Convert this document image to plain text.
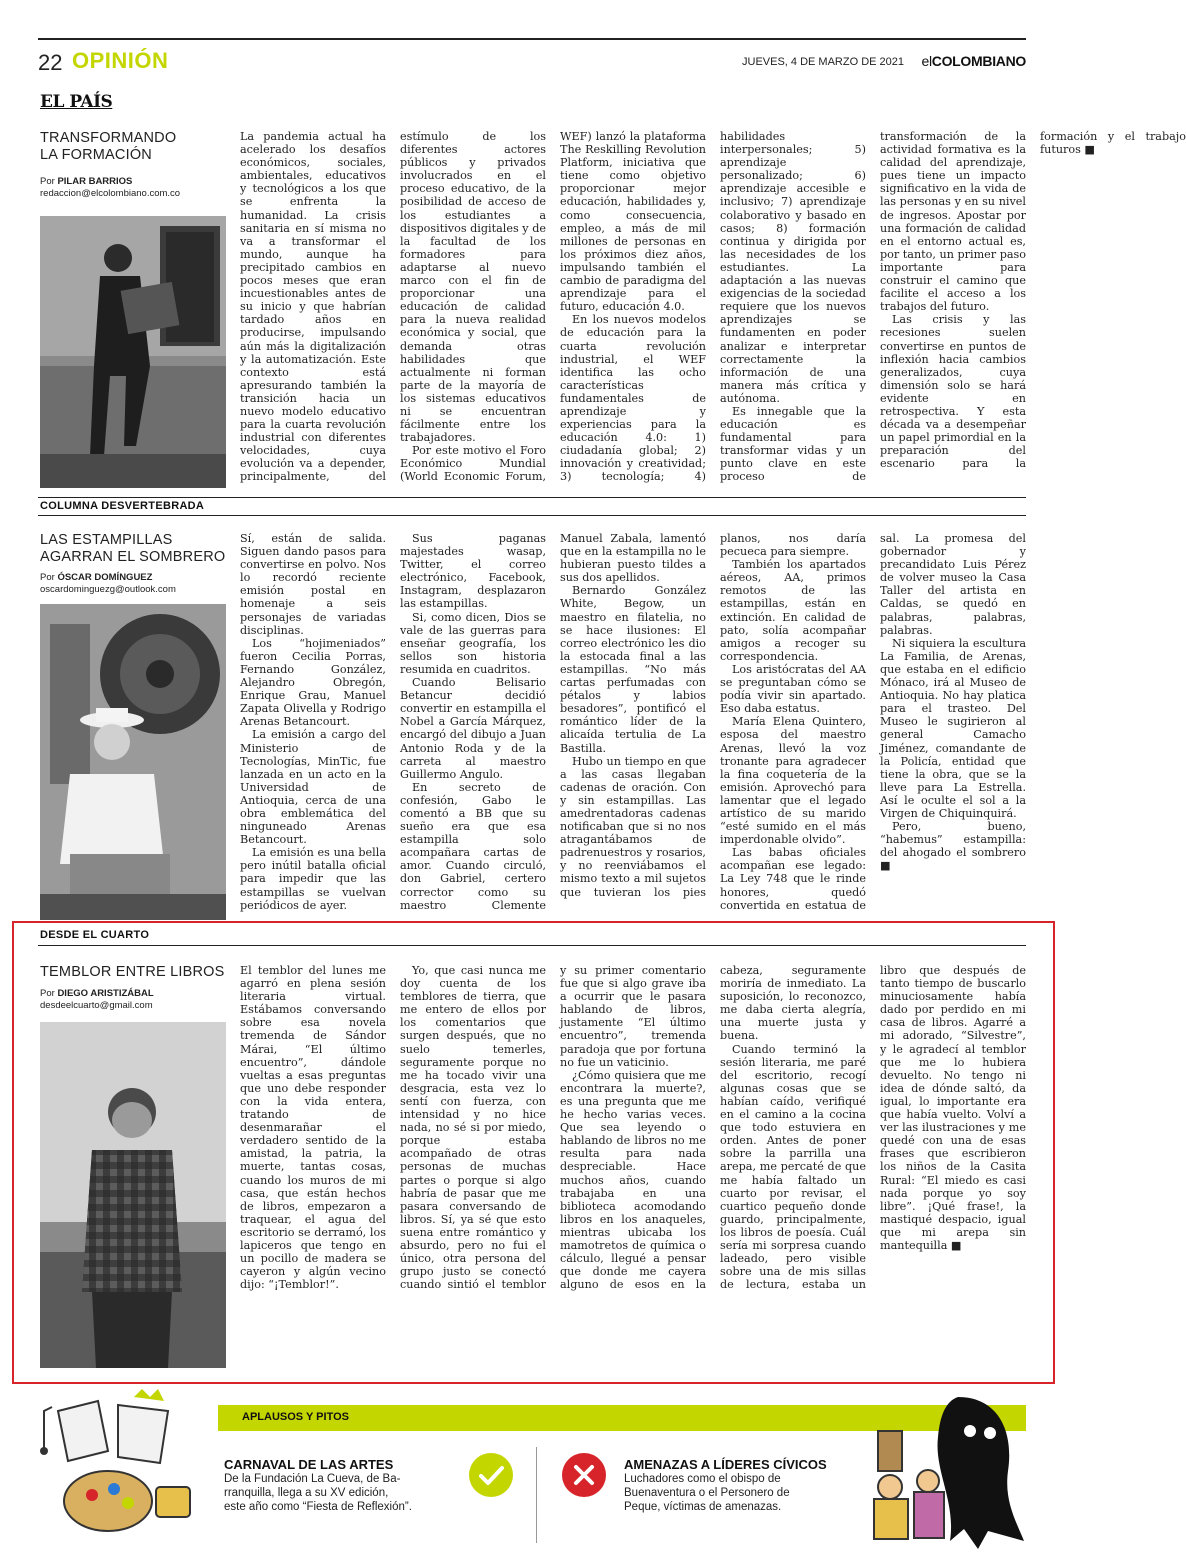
22 OPINIÓN	JUEVES, 4 DE MARZO DE 2021 elCOLOMBIANO
EL PAÍS
TRANSFORMANDO
LA FORMACIÓN
Por PILAR BARRIOS
redaccion@elcolombiano.com.co

La pandemia actual ha acelerado los desafíos económicos, sociales, ambientales, educativos y tecnológicos a los que se enfrenta la humanidad. La crisis sanitaria en sí misma no va a transformar el mundo, aunque ha precipitado cambios en pocos meses que eran incuestionables antes de su inicio y que habrían tardado años en producirse, impulsando aún más la digitalización y la automatización. Este contexto está apresurando también la transición hacia un nuevo modelo educativo para la cuarta revolución industrial con diferentes velocidades, cuya evolución va a depender, principalmente, del estímulo de los diferentes actores públicos y privados involucrados en el proceso educativo, de la posibilidad de acceso de los estudiantes a dispositivos digitales y de la facultad de los formadores para adaptarse al nuevo marco con el fin de proporcionar una educación de calidad para la nueva realidad económica y social, que demanda otras habilidades que actualmente ni forman parte de la mayoría de los sistemas educativos ni se encuentran fácilmente entre los trabajadores.

Por este motivo el Foro Económico Mundial (World Economic Forum, WEF) lanzó la plataforma The Reskilling Revolution Platform, iniciativa que tiene como objetivo proporcionar mejor educación, habilidades y, como consecuencia, empleo, a más de mil millones de personas en los próximos diez años, impulsando también el cambio de paradigma del aprendizaje para el futuro, educación 4.0.

En los nuevos modelos de educación para la cuarta revolución industrial, el WEF identifica las ocho características fundamentales de aprendizaje y experiencias para la educación 4.0: 1) ciudadanía global; 2) innovación y creatividad; 3) tecnología; 4) habilidades interpersonales; 5) aprendizaje personalizado; 6) aprendizaje accesible e inclusivo; 7) aprendizaje colaborativo y basado en casos; 8) formación continua y dirigida por las necesidades de los estudiantes. La adaptación a las nuevas exigencias de la sociedad requiere que los nuevos aprendizajes se fundamenten en poder analizar e interpretar correctamente la información de una manera más crítica y autónoma.

Es innegable que la educación es fundamental para transformar vidas y un punto clave en este proceso de transformación de la actividad formativa es la calidad del aprendizaje, pues tiene un impacto significativo en la vida de las personas y en su nivel de ingresos. Apostar por una formación de calidad en el entorno actual es, por tanto, un primer paso importante para construir el camino que facilite el acceso a los trabajos del futuro.

Las crisis y las recesiones suelen convertirse en puntos de inflexión hacia cambios generalizados, cuya dimensión solo se hará evidente en retrospectiva. Y esta década va a desempeñar un papel primordial en la preparación del escenario para la formación y el trabajo futuros ■

COLUMNA DESVERTEBRADA
LAS ESTAMPILLAS
AGARRAN EL SOMBRERO
Por ÓSCAR DOMÍNGUEZ
oscardominguezg@outlook.com

Sí, están de salida. Siguen dando pasos para convertirse en polvo. Nos lo recordó reciente emisión postal en homenaje a seis personajes de variadas disciplinas.

Los “hojimeniados” fueron Cecilia Porras, Fernando González, Alejandro Obregón, Enrique Grau, Manuel Zapata Olivella y Rodrigo Arenas Betancourt.

La emisión a cargo del Ministerio de Tecnologías, MinTic, fue lanzada en un acto en la Universidad de Antioquia, cerca de una obra emblemática del ninguneado Arenas Betancourt.

La emisión es una bella pero inútil batalla oficial para impedir que las estampillas se vuelvan periódicos de ayer.

Sus paganas majestades wasap, Twitter, el correo electrónico, Facebook, Instagram, desplazaron las estampillas.

Si, como dicen, Dios se vale de las guerras para enseñar geografía, los sellos son historia resumida en cuadritos.

Cuando Belisario Betancur decidió convertir en estampilla el Nobel a García Márquez, encargó del dibujo a Juan Antonio Roda y de la carreta al maestro Guillermo Angulo.

En secreto de confesión, Gabo le comentó a BB que su sueño era que esa estampilla solo acompañara cartas de amor. Cuando circuló, don Gabriel, certero corrector como su maestro Clemente Manuel Zabala, lamentó que en la estampilla no le hubieran puesto tildes a sus dos apellidos.

Bernardo González White, Begow, un maestro en filatelia, no se hace ilusiones: El correo electrónico les dio la estocada final a las estampillas. “No más cartas perfumadas con pétalos y labios besadores”, pontificó el romántico líder de la alicaída tertulia de La Bastilla.

Hubo un tiempo en que a las casas llegaban cadenas de oración. Con y sin estampillas. Las amedrentadoras cadenas notificaban que si no nos atragantábamos de padrenuestros y rosarios, y no reenviábamos el mismo texto a mil sujetos que tuvieran los pies planos, nos daría pecueca para siempre.

También los apartados aéreos, AA, primos remotos de las estampillas, están en extinción. En calidad de pato, solía acompañar amigos a recoger su correspondencia.

Los aristócratas del AA se preguntaban cómo se podía vivir sin apartado. Eso daba estatus.

María Elena Quintero, esposa del maestro Arenas, llevó la voz tronante para agradecer la fina coquetería de la emisión. Aprovechó para lamentar que el legado artístico de su marido “esté sumido en el más imperdonable olvido”.

Las babas oficiales acompañan ese legado: La Ley 748 que le rinde honores, quedó convertida en estatua de sal. La promesa del gobernador y precandidato Luis Pérez de volver museo la Casa Taller del artista en Caldas, se quedó en palabras, palabras, palabras.

Ni siquiera la escultura La Familia, de Arenas, que estaba en el edificio Mónaco, irá al Museo de Antioquia. No hay platica para el trasteo. Del Museo le sugirieron al general Camacho Jiménez, comandante de la Policía, entidad que tiene la obra, que se la lleve para La Estrella. Así le oculte el sol a la Virgen de Chiquinquirá.

Pero, bueno, “habemus” estampilla: del ahogado el sombrero ■

DESDE EL CUARTO
TEMBLOR ENTRE LIBROS
Por DIEGO ARISTIZÁBAL
desdeelcuarto@gmail.com

El temblor del lunes me agarró en plena sesión literaria virtual. Estábamos conversando sobre esa novela tremenda de Sándor Márai, “El último encuentro”, dándole vueltas a esas preguntas que uno debe responder con la vida entera, tratando de desenmarañar el verdadero sentido de la amistad, la patria, la muerte, tantas cosas, cuando los muros de mi casa, que están hechos de libros, empezaron a traquear, el agua del escritorio se derramó, los lapiceros que tengo en un pocillo de madera se cayeron y algún vecino dijo: “¡Temblor!”.

Yo, que casi nunca me doy cuenta de los temblores de tierra, que me entero de ellos por los comentarios que surgen después, que no suelo temerles, seguramente porque no me ha tocado vivir una desgracia, esta vez lo sentí con fuerza, con intensidad y no hice nada, no sé si por miedo, porque estaba acompañado de otras personas de muchas partes o porque si algo habría de pasar que me pasara conversando de libros. Sí, ya sé que esto suena entre romántico y absurdo, pero no fui el único, otra persona del grupo justo se conectó cuando sintió el temblor y su primer comentario fue que si algo grave iba a ocurrir que le pasara hablando de libros, justamente “El último encuentro”, tremenda paradoja que por fortuna no fue un vaticinio.

¿Cómo quisiera que me encontrara la muerte?, es una pregunta que me he hecho varias veces. Que sea leyendo o hablando de libros no me resulta para nada despreciable. Hace muchos años, cuando trabajaba en una biblioteca acomodando libros en los anaqueles, mientras ubicaba los mamotretos de química o cálculo, llegué a pensar que donde me cayera alguno de esos en la cabeza, seguramente moriría de inmediato. La suposición, lo reconozco, me daba cierta alegría, una muerte justa y buena.

Cuando terminó la sesión literaria, me paré del escritorio, recogí algunas cosas que se habían caído, verifiqué en el camino a la cocina que todo estuviera en orden. Antes de poner sobre la parrilla una arepa, me percaté de que me había faltado un cuarto por revisar, el cuartico pequeño donde guardo, principalmente, los libros de poesía. Cuál sería mi sorpresa cuando ladeado, pero visible sobre una de mis sillas de lectura, estaba un libro que después de tanto tiempo de buscarlo minuciosamente había dado por perdido en mi casa de libros. Agarré a mi adorado, “Silvestre”, y le agradecí al temblor que me lo hubiera devuelto. No tengo ni idea de dónde saltó, da igual, lo importante era que había vuelto. Volví a ver las ilustraciones y me quedé con una de esas frases que escribieron los niños de la Casita Rural: “El miedo es casi nada porque yo soy libre”. ¡Qué frase!, la mastiqué despacio, igual que mi arepa sin mantequilla ■

APLAUSOS Y PITOS
CARNAVAL DE LAS ARTES
De la Fundación La Cueva, de Ba-
rranquilla, llega a su XV edición,
este año como “Fiesta de Reflexión”.
AMENAZAS A LÍDERES CÍVICOS
Luchadores como el obispo de
Buenaventura o el Personero de
Peque, víctimas de amenazas.
